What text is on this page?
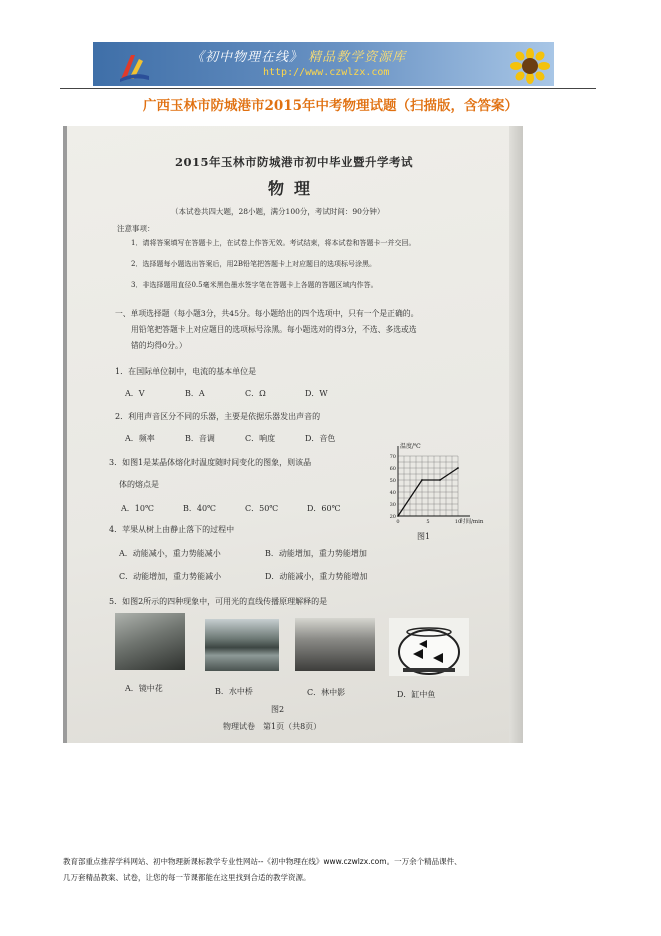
《初中物理在线》 精品教学资源库
http://www.czwlzx.com
广西玉林市防城港市2015年中考物理试题（扫描版，含答案）
2015年玉林市防城港市初中毕业暨升学考试
物理
（本试卷共四大题，28小题，满分100分，考试时间：90分钟）
注意事项：
1．请将答案填写在答题卡上，在试卷上作答无效。考试结束，将本试卷和答题卡一并交回。
2．选择题每小题选出答案后，用2B铅笔把答题卡上对应题目的选项标号涂黑。
3．非选择题用直径0.5毫米黑色墨水签字笔在答题卡上各题的答题区域内作答。
一、单项选择题（每小题3分，共45分。每小题给出的四个选项中，只有一个是正确的。
用铅笔把答题卡上对应题目的选项标号涂黑。每小题选对的得3分，不选、多选或选
错的均得0分。）
1．在国际单位制中，电流的基本单位是
A．V	B．A	C．Ω	D．W
2．利用声音区分不同的乐器，主要是依据乐器发出声音的
A．频率	B．音调	C．响度	D．音色
3．如图1是某晶体熔化时温度随时间变化的图象，则该晶
体的熔点是
A．10℃	B．40℃	C．50℃	D．60℃
温度/℃
时间/min
20
30
40
50
60
70
0	5	10
图1
4．苹果从树上由静止落下的过程中
A．动能减小，重力势能减小	B．动能增加，重力势能增加
C．动能增加，重力势能减小	D．动能减小，重力势能增加
5．如图2所示的四种现象中，可用光的直线传播原理解释的是
A．镜中花	B．水中桥	C．林中影	D．缸中鱼
图2
物理试卷　第1页（共8页）
教育部重点推荐学科网站、初中物理新课标教学专业性网站--《初中物理在线》www.czwlzx.com。一万余个精品课件、
几万套精品教案、试卷，让您的每一节课都能在这里找到合适的教学资源。
